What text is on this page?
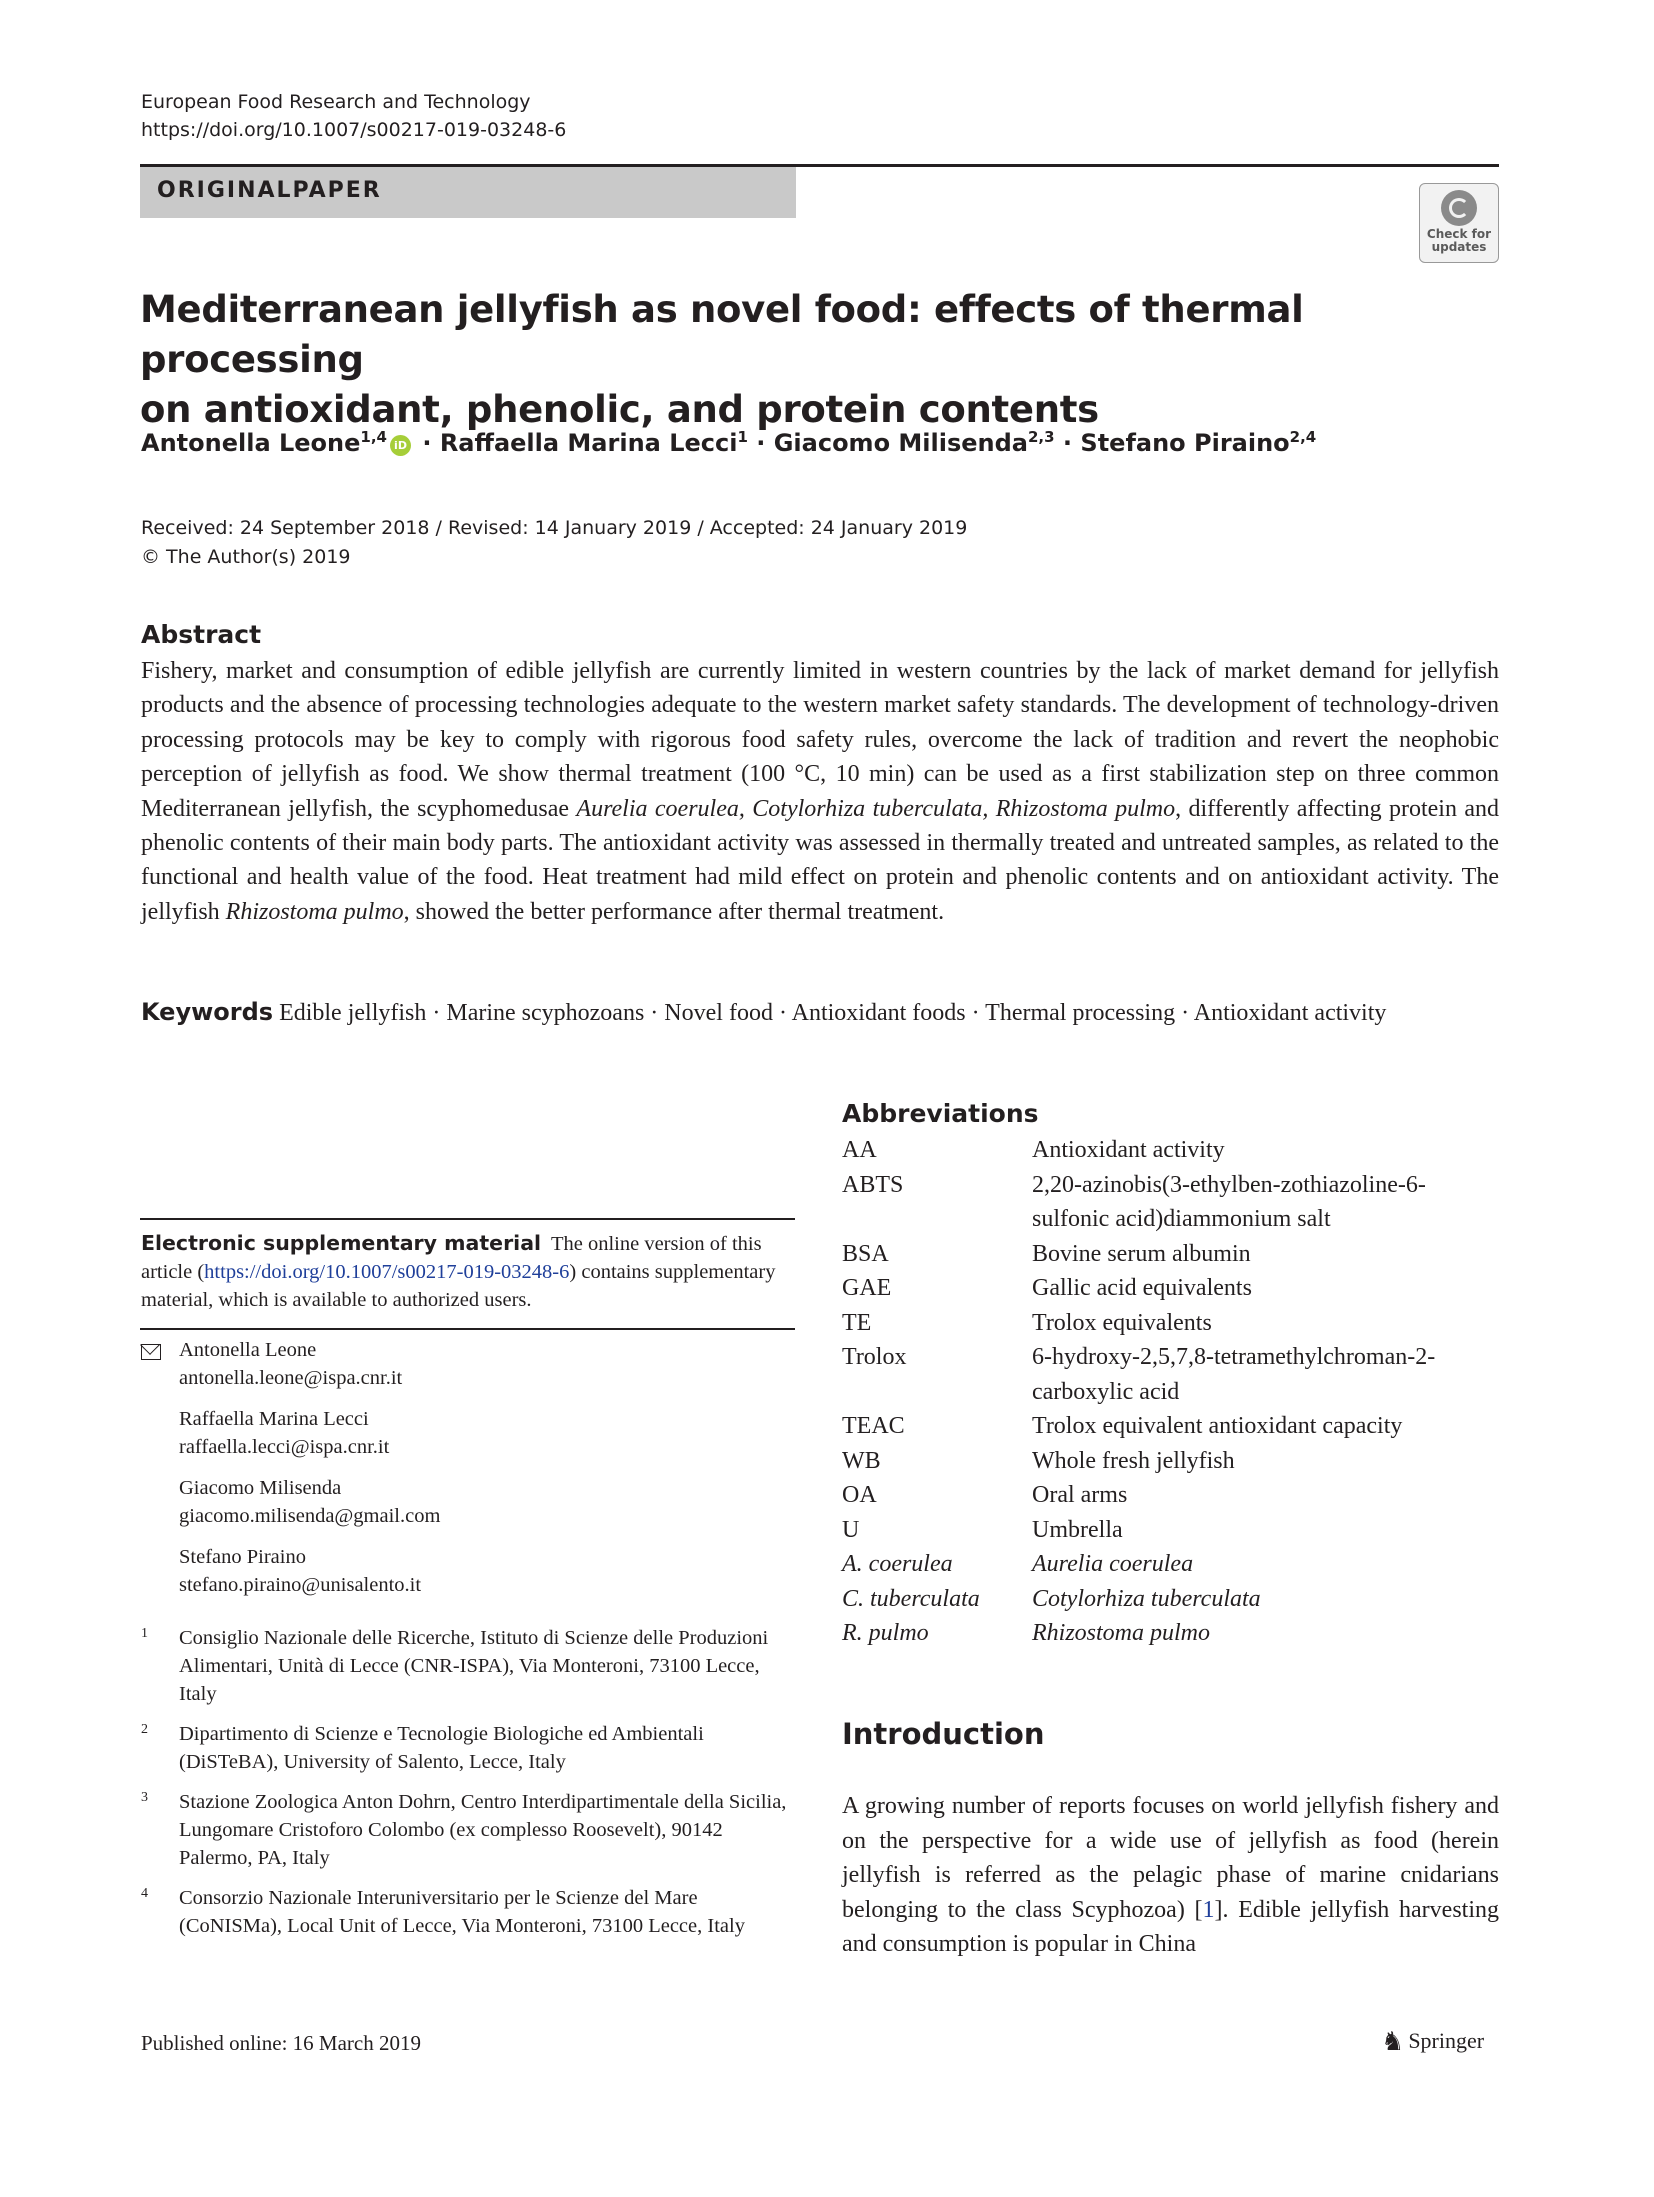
European Food Research and Technology
https://doi.org/10.1007/s00217-019-03248-6
ORIGINALPAPER
Check for
updates
Mediterranean jellyfish as novel food: effects of thermal processing
on antioxidant, phenolic, and protein contents
Antonella Leone$^{1,4}$ iD · Raffaella Marina Lecci$^1$ · Giacomo Milisenda$^{2,3}$ · Stefano Piraino$^{2,4}$
Received: 24 September 2018 / Revised: 14 January 2019 / Accepted: 24 January 2019
© The Author(s) 2019
Abstract
Fishery, market and consumption of edible jellyfish are currently limited in western countries by the lack of market demand for jellyfish products and the absence of processing technologies adequate to the western market safety standards. The development of technology-driven processing protocols may be key to comply with rigorous food safety rules, overcome the lack of tradition and revert the neophobic perception of jellyfish as food. We show thermal treatment (100 °C, 10 min) can be used as a first stabilization step on three common Mediterranean jellyfish, the scyphomedusae Aurelia coerulea, Cotylorhiza tuberculata, Rhizostoma pulmo, differently affecting protein and phenolic contents of their main body parts. The antioxidant activity was assessed in thermally treated and untreated samples, as related to the functional and health value of the food. Heat treatment had mild effect on protein and phenolic contents and on antioxidant activity. The jellyfish Rhizostoma pulmo, showed the better performance after thermal treatment.
Keywords Edible jellyfish · Marine scyphozoans · Novel food · Antioxidant foods · Thermal processing · Antioxidant activity
Electronic supplementary material The online version of this article (https://doi.org/10.1007/s00217-019-03248-6) contains supplementary material, which is available to authorized users.
Antonella Leone
antonella.leone@ispa.cnr.it
Raffaella Marina Lecci
raffaella.lecci@ispa.cnr.it
Giacomo Milisenda
giacomo.milisenda@gmail.com
Stefano Piraino
stefano.piraino@unisalento.it
1	Consiglio Nazionale delle Ricerche, Istituto di Scienze delle Produzioni Alimentari, Unità di Lecce (CNR-ISPA), Via Monteroni, 73100 Lecce, Italy
2	Dipartimento di Scienze e Tecnologie Biologiche ed Ambientali (DiSTeBA), University of Salento, Lecce, Italy
3	Stazione Zoologica Anton Dohrn, Centro Interdipartimentale della Sicilia, Lungomare Cristoforo Colombo (ex complesso Roosevelt), 90142 Palermo, PA, Italy
4	Consorzio Nazionale Interuniversitario per le Scienze del Mare (CoNISMa), Local Unit of Lecce, Via Monteroni, 73100 Lecce, Italy
Abbreviations
AA	Antioxidant activity
ABTS	2,20-azinobis(3-ethylben-zothiazoline-6-sulfonic acid)diammonium salt
BSA	Bovine serum albumin
GAE	Gallic acid equivalents
TE	Trolox equivalents
Trolox	6-hydroxy-2,5,7,8-tetramethylchroman-2-carboxylic acid
TEAC	Trolox equivalent antioxidant capacity
WB	Whole fresh jellyfish
OA	Oral arms
U	Umbrella
A. coerulea	Aurelia coerulea
C. tuberculata	Cotylorhiza tuberculata
R. pulmo	Rhizostoma pulmo
Introduction
A growing number of reports focuses on world jellyfish fishery and on the perspective for a wide use of jellyfish as food (herein jellyfish is referred as the pelagic phase of marine cnidarians belonging to the class Scyphozoa) [1]. Edible jellyfish harvesting and consumption is popular in China
Published online: 16 March 2019	♞ Springer
